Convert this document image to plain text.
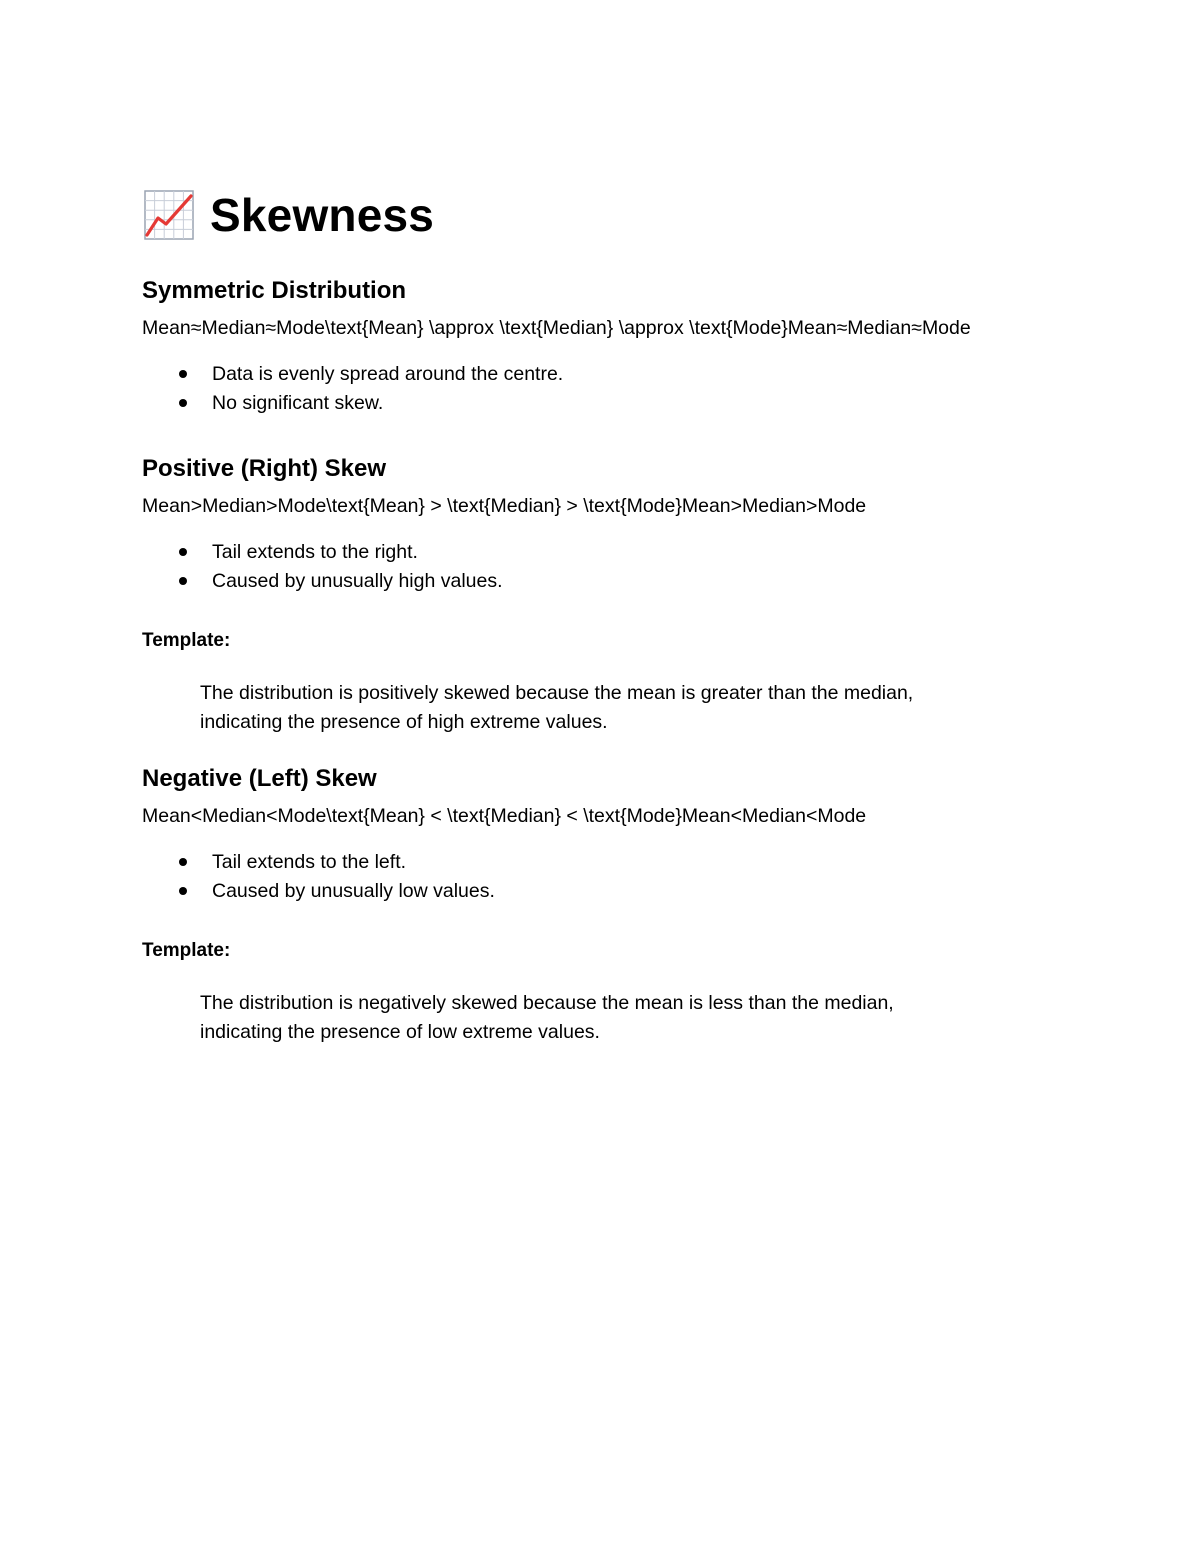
Skewness
Symmetric Distribution
Mean≈Median≈Mode\text{Mean} \approx \text{Median} \approx \text{Mode}Mean≈Median≈Mode
Data is evenly spread around the centre.
No significant skew.
Positive (Right) Skew
Mean>Median>Mode\text{Mean} > \text{Median} > \text{Mode}Mean>Median>Mode
Tail extends to the right.
Caused by unusually high values.
Template:
The distribution is positively skewed because the mean is greater than the median,
indicating the presence of high extreme values.
Negative (Left) Skew
Mean<Median<Mode\text{Mean} < \text{Median} < \text{Mode}Mean<Median<Mode
Tail extends to the left.
Caused by unusually low values.
Template:
The distribution is negatively skewed because the mean is less than the median,
indicating the presence of low extreme values.
